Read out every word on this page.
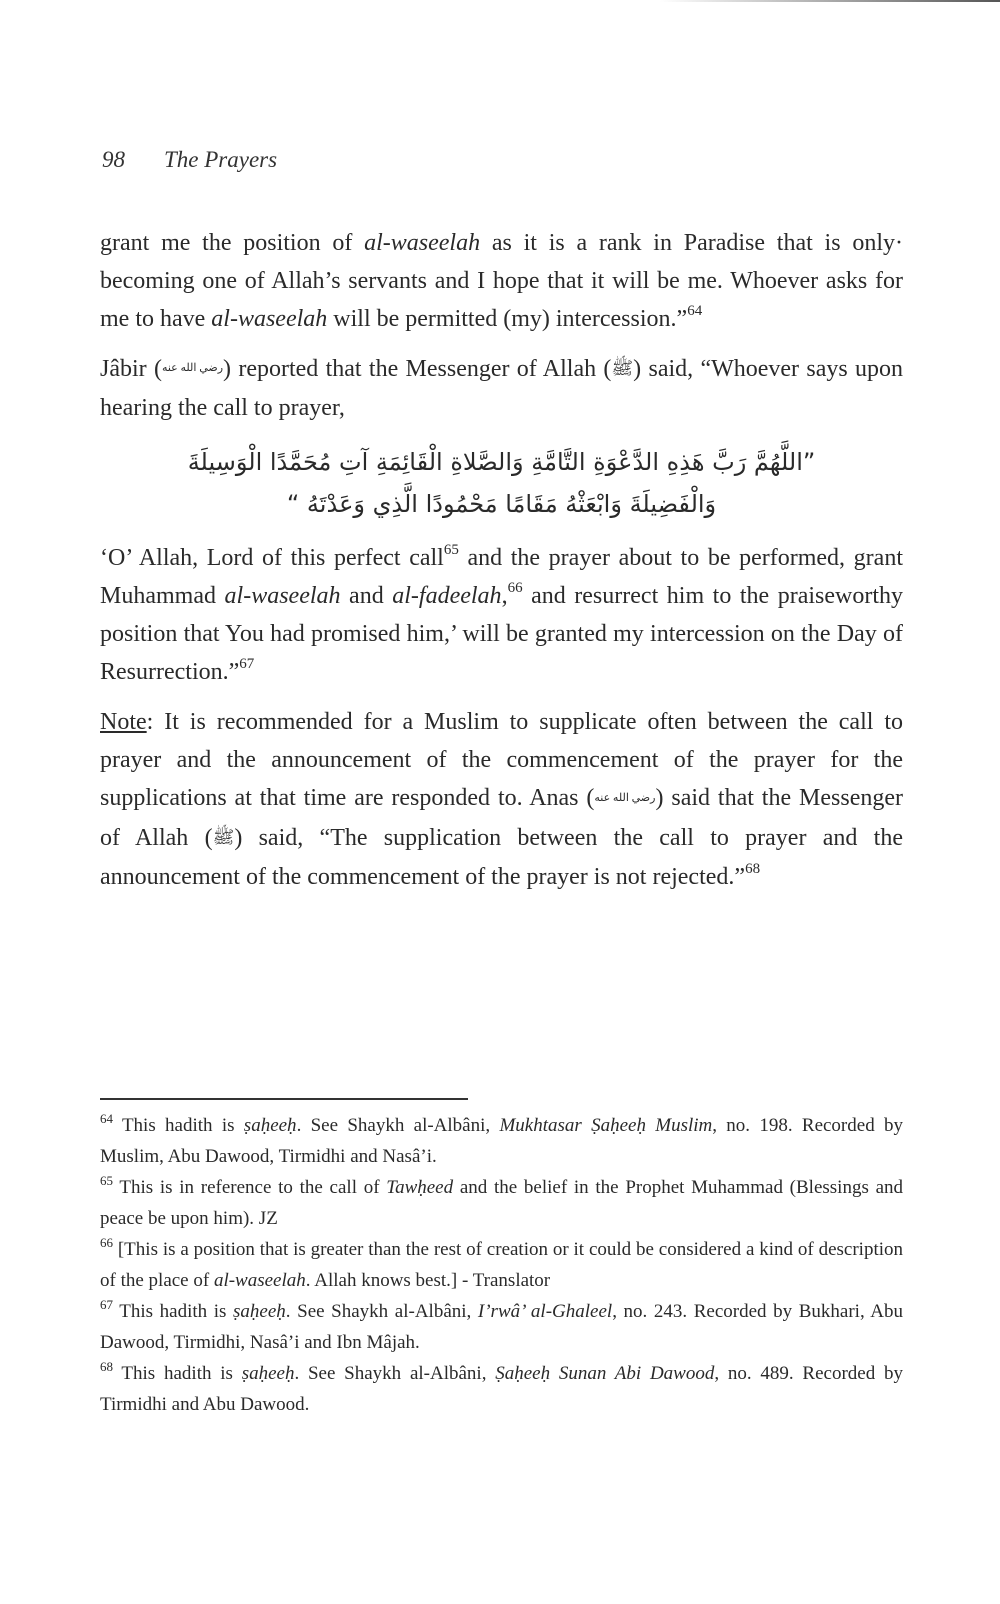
98 The Prayers

grant me the position of al-waseelah as it is a rank in Paradise that is only· becoming one of Allah’s servants and I hope that it will be me. Whoever asks for me to have al-waseelah will be permitted (my) intercession.”$^{64}$

Jâbir (رضي الله عنه) reported that the Messenger of Allah (ﷺ) said, “Whoever says upon hearing the call to prayer,

”اللَّهُمَّ رَبَّ هَذِهِ الدَّعْوَةِ التَّامَّةِ وَالصَّلاةِ الْقَائِمَةِ آتِ مُحَمَّدًا الْوَسِيلَةَ
وَالْفَضِيلَةَ وَابْعَثْهُ مَقَامًا مَحْمُودًا الَّذِي وَعَدْتَهُ “

‘O’ Allah, Lord of this perfect call$^{65}$ and the prayer about to be performed, grant Muhammad al-waseelah and al-fadeelah,$^{66}$ and resurrect him to the praiseworthy position that You had promised him,’ will be granted my intercession on the Day of Resurrection.”$^{67}$

Note: It is recommended for a Muslim to supplicate often between the call to prayer and the announcement of the commencement of the prayer for the supplications at that time are responded to. Anas (رضي الله عنه) said that the Messenger of Allah (ﷺ) said, “The supplication between the call to prayer and the announcement of the commencement of the prayer is not rejected.”$^{68}$

$^{64}$ This hadith is ṣaḥeeḥ. See Shaykh al-Albâni, Mukhtasar Ṣaḥeeḥ Muslim, no. 198. Recorded by Muslim, Abu Dawood, Tirmidhi and Nasâ’i.

$^{65}$ This is in reference to the call of Tawḥeed and the belief in the Prophet Muhammad (Blessings and peace be upon him). JZ

$^{66}$ [This is a position that is greater than the rest of creation or it could be considered a kind of description of the place of al-waseelah. Allah knows best.] - Translator

$^{67}$ This hadith is ṣaḥeeḥ. See Shaykh al-Albâni, I’rwâ’ al-Ghaleel, no. 243. Recorded by Bukhari, Abu Dawood, Tirmidhi, Nasâ’i and Ibn Mâjah.

$^{68}$ This hadith is ṣaḥeeḥ. See Shaykh al-Albâni, Ṣaḥeeḥ Sunan Abi Dawood, no. 489. Recorded by Tirmidhi and Abu Dawood.
